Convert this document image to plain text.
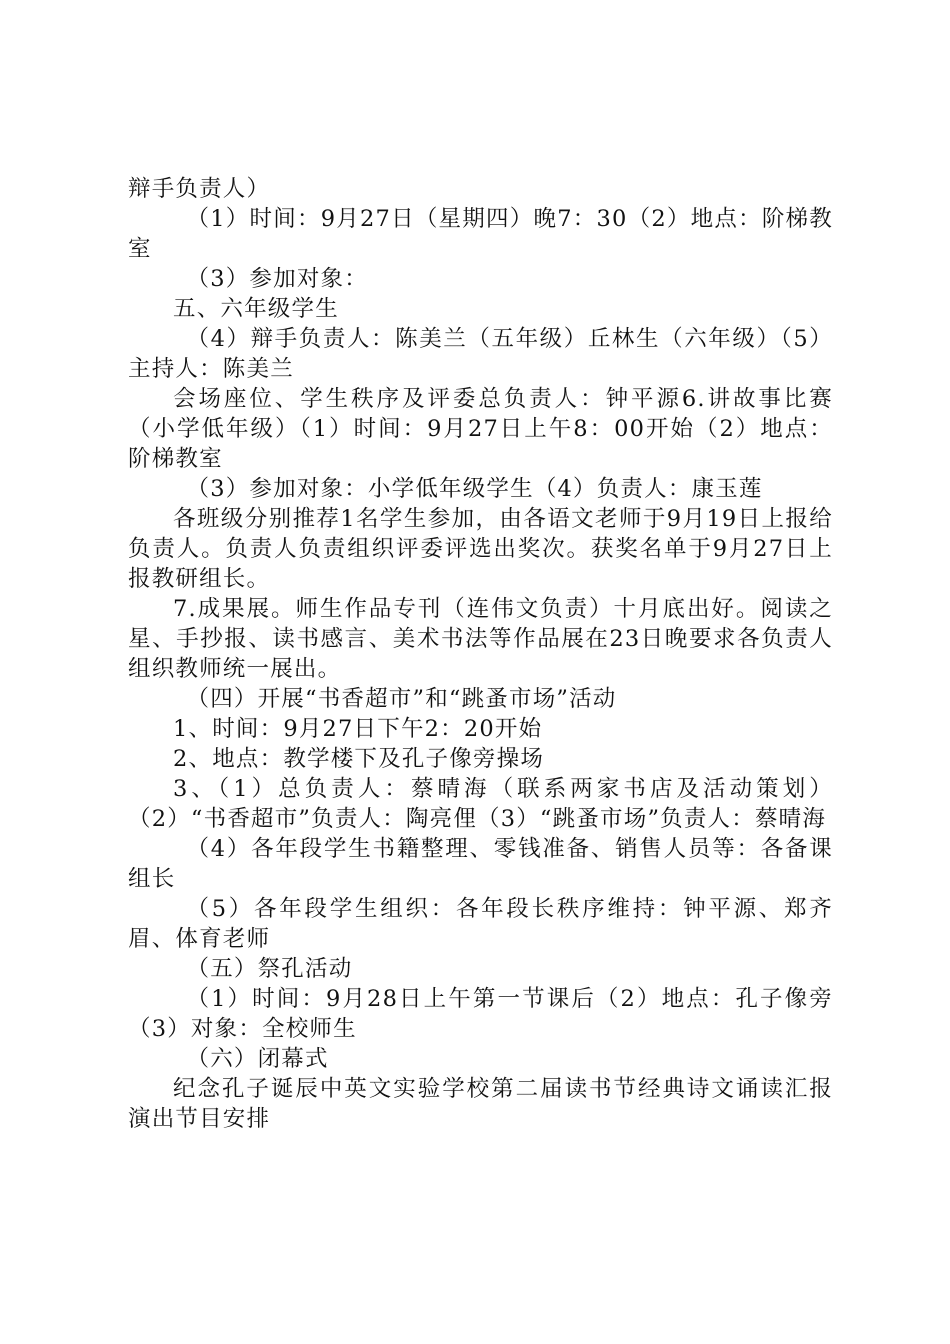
辩手负责人）

（1）时间：9月27日（星期四）晚7：30（2）地点：阶梯教室

（3）参加对象：

五、六年级学生

（4）辩手负责人：陈美兰（五年级）丘林生（六年级）（5）主持人：陈美兰

会场座位、学生秩序及评委总负责人：钟平源6.讲故事比赛（小学低年级）（1）时间：9月27日上午8：00开始（2）地点：阶梯教室

（3）参加对象：小学低年级学生（4）负责人：康玉莲

各班级分别推荐1名学生参加，由各语文老师于9月19日上报给负责人。负责人负责组织评委评选出奖次。获奖名单于9月27日上报教研组长。

7.成果展。师生作品专刊（连伟文负责）十月底出好。阅读之星、手抄报、读书感言、美术书法等作品展在23日晚要求各负责人组织教师统一展出。

（四）开展“书香超市”和“跳蚤市场”活动

1、时间：9月27日下午2：20开始

2、地点：教学楼下及孔子像旁操场

3、（1）总负责人：蔡晴海（联系两家书店及活动策划）（2）“书香超市”负责人：陶亮俚（3）“跳蚤市场”负责人：蔡晴海

（4）各年段学生书籍整理、零钱准备、销售人员等：各备课组长

（5）各年段学生组织：各年段长秩序维持：钟平源、郑齐眉、体育老师

（五）祭孔活动

（1）时间：9月28日上午第一节课后（2）地点：孔子像旁（3）对象：全校师生

（六）闭幕式

纪念孔子诞辰中英文实验学校第二届读书节经典诗文诵读汇报演出节目安排
